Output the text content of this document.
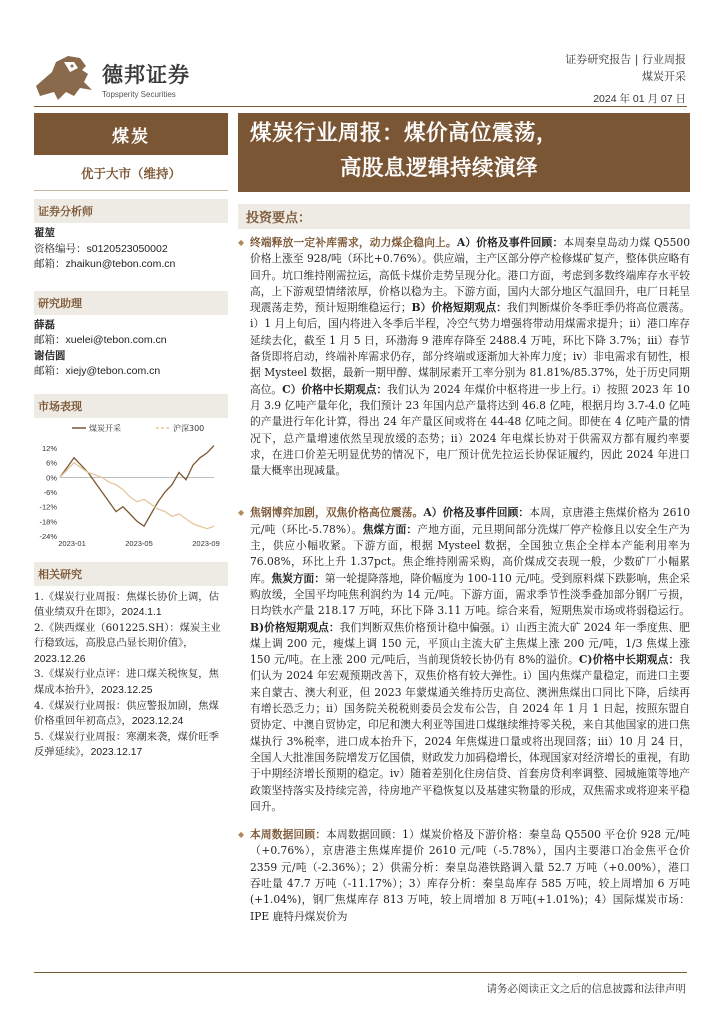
德邦证券
Topsperity Securities
证券研究报告 | 行业周报
煤炭开采
2024 年 01 月 07 日
煤炭
优于大市（维持）
证券分析师
翟堃
资格编号：s0120523050002
邮箱：zhaikun@tebon.com.cn
研究助理
薛磊
邮箱：xuelei@tebon.com.cn
谢佶圆
邮箱：xiejy@tebon.com.cn
市场表现
煤炭开采	沪深300
12%
6%
0%
-6%
-12%
-18%
-24%
2023-01	2023-05	2023-09
相关研究
1.《煤炭行业周报：焦煤长协价上调，估值业绩双升在即》，2024.1.1
2.《陕西煤业（601225.SH）：煤炭主业行稳致远，高股息凸显长期价值》，2023.12.26
3.《煤炭行业点评：进口煤关税恢复，焦煤成本抬升》，2023.12.25
4.《煤炭行业周报：供应警报加剧，焦煤价格重回年初高点》，2023.12.24
5.《煤炭行业周报：寒潮来袭，煤价旺季反弹延续》，2023.12.17
煤炭行业周报：煤价高位震荡，
高股息逻辑持续演绎
投资要点：
◆ 终端释放一定补库需求，动力煤企稳向上。A）价格及事件回顾：本周秦皇岛动力煤 Q5500 价格上涨至 928/吨（环比+0.76%）。供应端，主产区部分停产检修煤矿复产，整体供应略有回升。坑口维持刚需拉运，高低卡煤价走势呈现分化。港口方面，考虑到多数终端库存水平较高，上下游观望情绪浓厚，价格以稳为主。下游方面，国内大部分地区气温回升，电厂日耗呈现震荡走势，预计短期维稳运行；B）价格短期观点：我们判断煤价冬季旺季仍将高位震荡。i）1 月上旬后，国内将进入冬季后半程，冷空气势力增强将带动用煤需求提升；ii）港口库存延续去化，截至 1 月 5 日，环渤海 9 港库存降至 2488.4 万吨，环比下降 3.7%；iii）春节备货即将启动，终端补库需求仍存，部分终端或逐渐加大补库力度；iv）非电需求有韧性，根据 Mysteel 数据，最新一期甲醇、煤制尿素开工率分别为 81.81%/85.37%，处于历史同期高位。C）价格中长期观点：我们认为 2024 年煤价中枢将进一步上行。i）按照 2023 年 10 月 3.9 亿吨产量年化，我们预计 23 年国内总产量将达到 46.8 亿吨，根据月均 3.7-4.0 亿吨的产量进行年化计算，得出 24 年产量区间或将在 44-48 亿吨之间。即使在 4 亿吨产量的情况下，总产量增速依然呈现放缓的态势；ii）2024 年电煤长协对于供需双方都有履约率要求，在进口价差无明显优势的情况下，电厂预计优先拉运长协保证履约，因此 2024 年进口量大概率出现减量。
◆ 焦钢博弈加剧，双焦价格高位震荡。A）价格及事件回顾：本周，京唐港主焦煤价格为 2610 元/吨（环比-5.78%）。焦煤方面：产地方面，元旦期间部分洗煤厂停产检修且以安全生产为主，供应小幅收紧。下游方面，根据 Mysteel 数据，全国独立焦企全样本产能利用率为 76.08%，环比上升 1.37pct。焦企维持刚需采购，高价煤成交表现一般，少数矿厂小幅累库。焦炭方面：第一轮提降落地，降价幅度为 100-110 元/吨。受到原料煤下跌影响，焦企采购放缓，全国平均吨焦利润约为 14 元/吨。下游方面，需求季节性淡季叠加部分钢厂亏损，日均铁水产量 218.17 万吨，环比下降 3.11 万吨。综合来看，短期焦炭市场或将弱稳运行。B)价格短期观点：我们判断双焦价格预计稳中偏强。i）山西主流大矿 2024 年一季度焦、肥煤上调 200 元，瘦煤上调 150 元，平顶山主流大矿主焦煤上涨 200 元/吨，1/3 焦煤上涨 150 元/吨。在上涨 200 元/吨后，当前现货较长协仍有 8%的溢价。C)价格中长期观点：我们认为 2024 年宏观预期改善下，双焦价格有较大弹性。i）国内焦煤产量稳定，而进口主要来自蒙古、澳大利亚，但 2023 年蒙煤通关维持历史高位、澳洲焦煤出口同比下降，后续再有增长恐乏力；ii）国务院关税税则委员会发布公告，自 2024 年 1 月 1 日起，按照东盟自贸协定、中澳自贸协定，印尼和澳大利亚等国进口煤继续维持零关税，来自其他国家的进口焦煤执行 3%税率，进口成本抬升下，2024 年焦煤进口量或将出现回落；iii）10 月 24 日，全国人大批准国务院增发万亿国债，财政发力加码稳增长，体现国家对经济增长的重视，有助于中期经济增长预期的稳定。iv）随着差别化住房信贷、首套房贷利率调整、园城施策等地产政策坚持落实及持续完善，待房地产平稳恢复以及基建实物量的形成，双焦需求或将迎来平稳回升。
◆ 本周数据回顾：本周数据回顾：1）煤炭价格及下游价格：秦皇岛 Q5500 平仓价 928 元/吨（+0.76%），京唐港主焦煤库提价 2610 元/吨（-5.78%），国内主要港口冶金焦平仓价 2359 元/吨（-2.36%）；2）供需分析：秦皇岛港铁路调入量 52.7 万吨（+0.00%），港口吞吐量 47.7 万吨（-11.17%）；3）库存分析：秦皇岛库存 585 万吨，较上周增加 6 万吨(+1.04%)，钢厂焦煤库存 813 万吨，较上周增加 8 万吨(+1.01%)；4）国际煤炭市场：IPE 鹿特丹煤炭价为
请务必阅读正文之后的信息披露和法律声明
